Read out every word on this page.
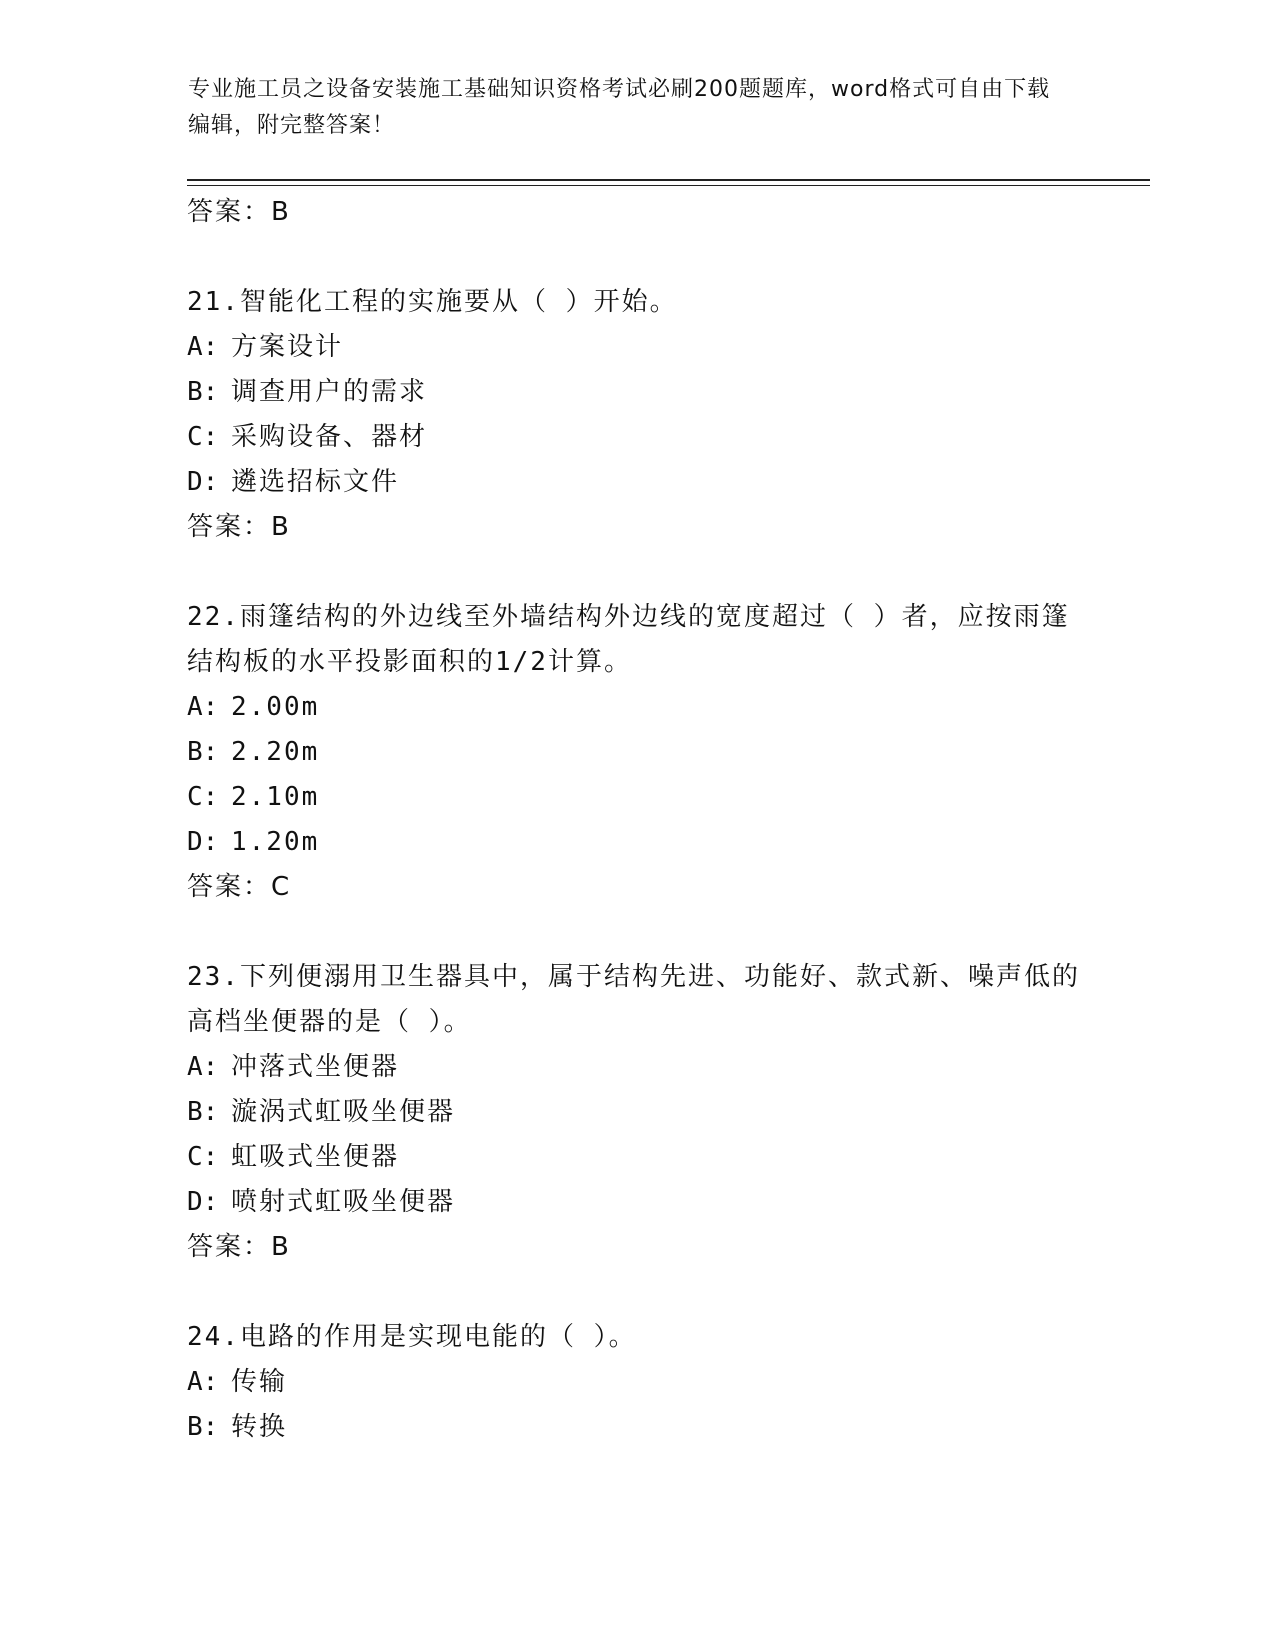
专业施工员之设备安装施工基础知识资格考试必刷200题题库，word格式可自由下载编辑，附完整答案！

答案：B

21.智能化工程的实施要从（ ）开始。

A: 方案设计

B: 调查用户的需求

C: 采购设备、器材

D: 遴选招标文件

答案：B

22.雨篷结构的外边线至外墙结构外边线的宽度超过（ ）者，应按雨篷结构板的水平投影面积的1/2计算。

A: 2.00m

B: 2.20m

C: 2.10m

D: 1.20m

答案：C

23.下列便溺用卫生器具中，属于结构先进、功能好、款式新、噪声低的高档坐便器的是（ ）。

A: 冲落式坐便器

B: 漩涡式虹吸坐便器

C: 虹吸式坐便器

D: 喷射式虹吸坐便器

答案：B

24.电路的作用是实现电能的（ ）。

A: 传输

B: 转换
